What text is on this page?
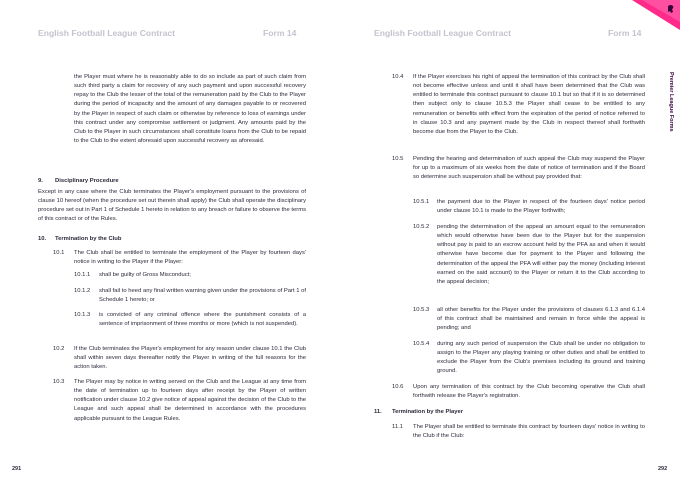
English Football League Contract	Form 14
the Player must where he is reasonably able to do so include as part of such claim from such third party a claim for recovery of any such payment and upon successful recovery repay to the Club the lesser of the total of the remuneration paid by the Club to the Player during the period of incapacity and the amount of any damages payable to or recovered by the Player in respect of such claim or otherwise by reference to loss of earnings under this contract under any compromise settlement or judgment. Any amounts paid by the Club to the Player in such circumstances shall constitute loans from the Club to be repaid to the Club to the extent aforesaid upon successful recovery as aforesaid.
9. Disciplinary Procedure
Except in any case where the Club terminates the Player's employment pursuant to the provisions of clause 10 hereof (when the procedure set out therein shall apply) the Club shall operate the disciplinary procedure set out in Part 1 of Schedule 1 hereto in relation to any breach or failure to observe the terms of this contract or of the Rules.
10. Termination by the Club
10.1 The Club shall be entitled to terminate the employment of the Player by fourteen days' notice in writing to the Player if the Player:
10.1.1 shall be guilty of Gross Misconduct;
10.1.2 shall fail to heed any final written warning given under the provisions of Part 1 of Schedule 1 hereto; or
10.1.3 is convicted of any criminal offence where the punishment consists of a sentence of imprisonment of three months or more (which is not suspended).
10.2 If the Club terminates the Player's employment for any reason under clause 10.1 the Club shall within seven days thereafter notify the Player in writing of the full reasons for the action taken.
10.3 The Player may by notice in writing served on the Club and the League at any time from the date of termination up to fourteen days after receipt by the Player of written notification under clause 10.2 give notice of appeal against the decision of the Club to the League and such appeal shall be determined in accordance with the procedures applicable pursuant to the League Rules.
291
English Football League Contract	Form 14
Premier League Forms
10.4 If the Player exercises his right of appeal the termination of this contract by the Club shall not become effective unless and until it shall have been determined that the Club was entitled to terminate this contract pursuant to clause 10.1 but so that if it is so determined then subject only to clause 10.5.3 the Player shall cease to be entitled to any remuneration or benefits with effect from the expiration of the period of notice referred to in clause 10.3 and any payment made by the Club in respect thereof shall forthwith become due from the Player to the Club.
10.5 Pending the hearing and determination of such appeal the Club may suspend the Player for up to a maximum of six weeks from the date of notice of termination and if the Board so determine such suspension shall be without pay provided that:
10.5.1 the payment due to the Player in respect of the fourteen days' notice period under clause 10.1 is made to the Player forthwith;
10.5.2 pending the determination of the appeal an amount equal to the remuneration which would otherwise have been due to the Player but for the suspension without pay is paid to an escrow account held by the PFA as and when it would otherwise have become due for payment to the Player and following the determination of the appeal the PFA will either pay the money (including interest earned on the said account) to the Player or return it to the Club according to the appeal decision;
10.5.3 all other benefits for the Player under the provisions of clauses 6.1.3 and 6.1.4 of this contract shall be maintained and remain in force while the appeal is pending; and
10.5.4 during any such period of suspension the Club shall be under no obligation to assign to the Player any playing training or other duties and shall be entitled to exclude the Player from the Club's premises including its ground and training ground.
10.6 Upon any termination of this contract by the Club becoming operative the Club shall forthwith release the Player's registration.
11. Termination by the Player
11.1 The Player shall be entitled to terminate this contract by fourteen days' notice in writing to the Club if the Club:
292
